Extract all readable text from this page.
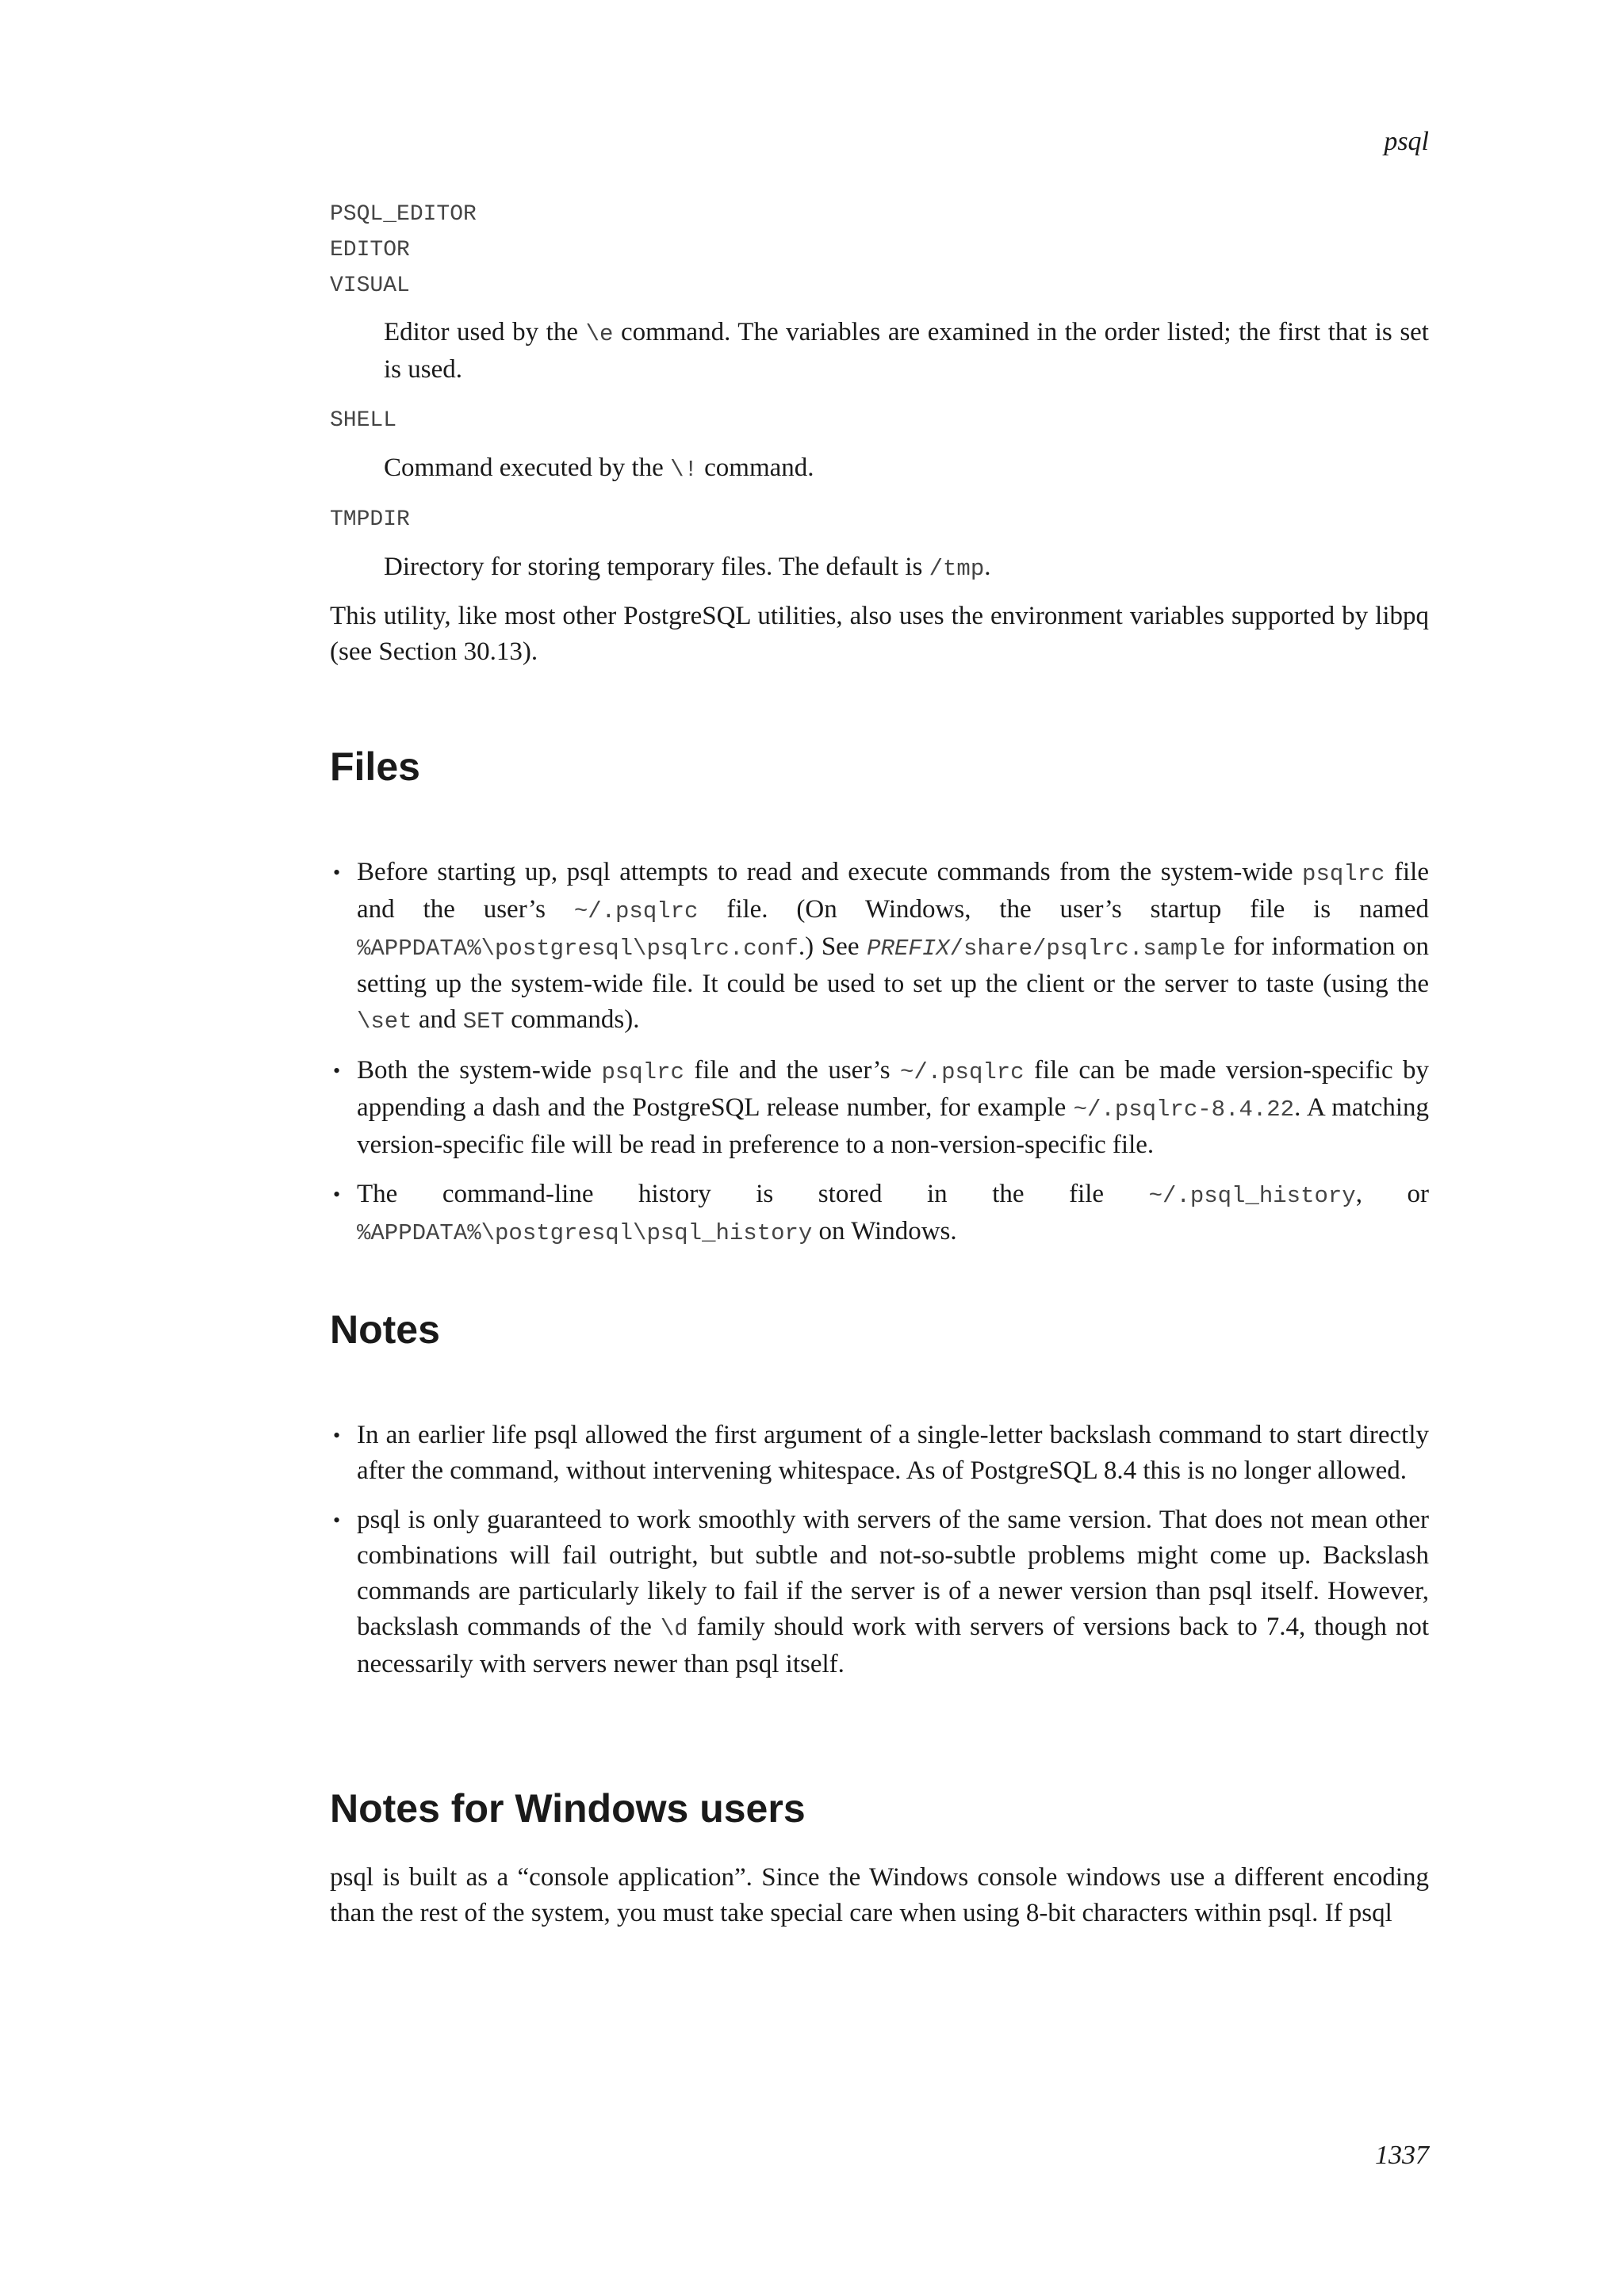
psql
PSQL_EDITOR
EDITOR
VISUAL

Editor used by the \e command. The variables are examined in the order listed; the first that is set is used.

SHELL

Command executed by the \! command.

TMPDIR

Directory for storing temporary files. The default is /tmp.

This utility, like most other PostgreSQL utilities, also uses the environment variables supported by libpq (see Section 30.13).

Files
• Before starting up, psql attempts to read and execute commands from the system-wide psqlrc file and the user’s ~/.psqlrc file. (On Windows, the user’s startup file is named %APPDATA%\postgresql\psqlrc.conf.) See PREFIX/share/psqlrc.sample for information on setting up the system-wide file. It could be used to set up the client or the server to taste (using the \set and SET commands).
• Both the system-wide psqlrc file and the user’s ~/.psqlrc file can be made version-specific by appending a dash and the PostgreSQL release number, for example ~/.psqlrc-8.4.22. A matching version-specific file will be read in preference to a non-version-specific file.
• The command-line history is stored in the file ~/.psql_history, or %APPDATA%\postgresql\psql_history on Windows.
Notes
• In an earlier life psql allowed the first argument of a single-letter backslash command to start directly after the command, without intervening whitespace. As of PostgreSQL 8.4 this is no longer allowed.
• psql is only guaranteed to work smoothly with servers of the same version. That does not mean other combinations will fail outright, but subtle and not-so-subtle problems might come up. Backslash commands are particularly likely to fail if the server is of a newer version than psql itself. However, backslash commands of the \d family should work with servers of versions back to 7.4, though not necessarily with servers newer than psql itself.
Notes for Windows users

psql is built as a “console application”. Since the Windows console windows use a different encoding than the rest of the system, you must take special care when using 8-bit characters within psql. If psql

1337
